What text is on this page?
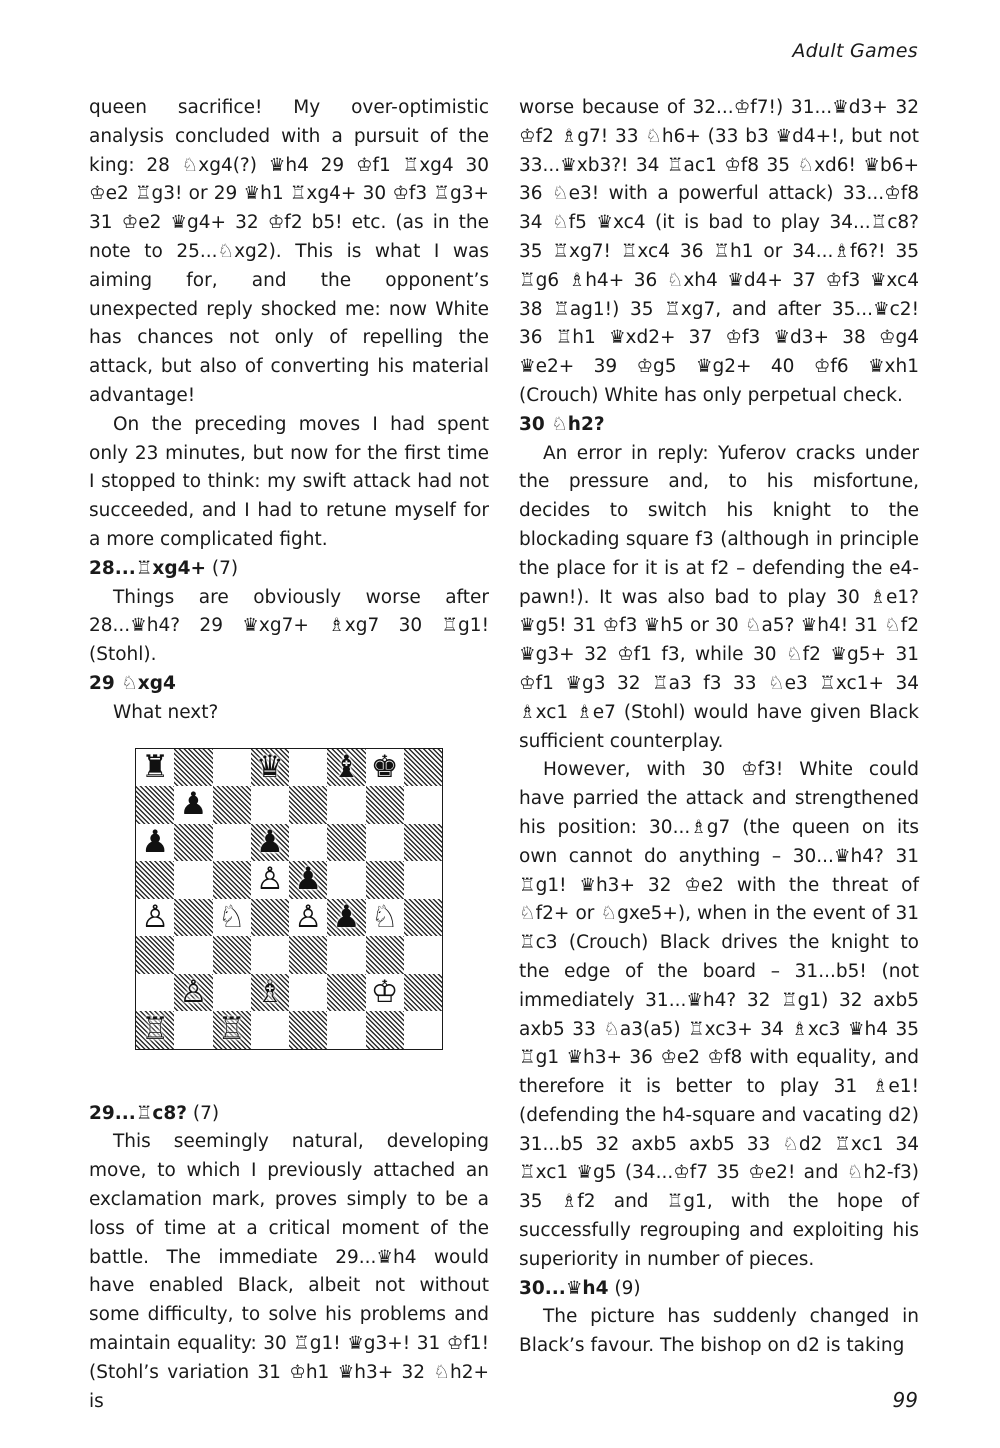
Adult Games

queen sacrifice! My over-optimistic analysis concluded with a pursuit of the king: 28 ♘xg4(?) ♛h4 29 ♔f1 ♖xg4 30 ♔e2 ♖g3! or 29 ♛h1 ♖xg4+ 30 ♔f3 ♖g3+ 31 ♔e2 ♛g4+ 32 ♔f2 b5! etc. (as in the note to 25...♘xg2). This is what I was aiming for, and the opponent’s unexpected reply shocked me: now White has chances not only of repelling the attack, but also of converting his material advantage!

On the preceding moves I had spent only 23 minutes, but now for the first time I stopped to think: my swift attack had not succeeded, and I had to retune myself for a more complicated fight.

28...♖xg4+ (7)

Things are obviously worse after 28...♛h4? 29 ♛xg7+ ♗xg7 30 ♖g1! (Stohl).

29 ♘xg4

What next?

♜	♛ ♝ ♚
♟
♟	♟
♙ ♟
♙ ♘ ♙ ♟ ♘
♙ ♗	♔
♖ ♖

29...♖c8? (7)

This seemingly natural, developing move, to which I previously attached an exclamation mark, proves simply to be a loss of time at a critical moment of the battle. The immediate 29...♛h4 would have enabled Black, albeit not without some difficulty, to solve his problems and maintain equality: 30 ♖g1! ♛g3+! 31 ♔f1! (Stohl’s variation 31 ♔h1 ♛h3+ 32 ♘h2+ is

worse because of 32...♔f7!) 31...♛d3+ 32 ♔f2 ♗g7! 33 ♘h6+ (33 b3 ♛d4+!, but not 33...♛xb3?! 34 ♖ac1 ♔f8 35 ♘xd6! ♛b6+ 36 ♘e3! with a powerful attack) 33...♔f8 34 ♘f5 ♛xc4 (it is bad to play 34...♖c8? 35 ♖xg7! ♖xc4 36 ♖h1 or 34...♗f6?! 35 ♖g6 ♗h4+ 36 ♘xh4 ♛d4+ 37 ♔f3 ♛xc4 38 ♖ag1!) 35 ♖xg7, and after 35...♛c2! 36 ♖h1 ♛xd2+ 37 ♔f3 ♛d3+ 38 ♔g4 ♛e2+ 39 ♔g5 ♛g2+ 40 ♔f6 ♛xh1 (Crouch) White has only perpetual check.

30 ♘h2?

An error in reply: Yuferov cracks under the pressure and, to his misfortune, decides to switch his knight to the blockading square f3 (although in principle the place for it is at f2 – defending the e4-pawn!). It was also bad to play 30 ♗e1? ♛g5! 31 ♔f3 ♛h5 or 30 ♘a5? ♛h4! 31 ♘f2 ♛g3+ 32 ♔f1 f3, while 30 ♘f2 ♛g5+ 31 ♔f1 ♛g3 32 ♖a3 f3 33 ♘e3 ♖xc1+ 34 ♗xc1 ♗e7 (Stohl) would have given Black sufficient counterplay.

However, with 30 ♔f3! White could have parried the attack and strengthened his position: 30...♗g7 (the queen on its own cannot do anything – 30...♛h4? 31 ♖g1! ♛h3+ 32 ♔e2 with the threat of ♘f2+ or ♘gxe5+), when in the event of 31 ♖c3 (Crouch) Black drives the knight to the edge of the board – 31...b5! (not immediately 31...♛h4? 32 ♖g1) 32 axb5 axb5 33 ♘a3(a5) ♖xc3+ 34 ♗xc3 ♛h4 35 ♖g1 ♛h3+ 36 ♔e2 ♔f8 with equality, and therefore it is better to play 31 ♗e1! (defending the h4-square and vacating d2) 31...b5 32 axb5 axb5 33 ♘d2 ♖xc1 34 ♖xc1 ♛g5 (34...♔f7 35 ♔e2! and ♘h2-f3) 35 ♗f2 and ♖g1, with the hope of successfully regrouping and exploiting his superiority in number of pieces.

30...♛h4 (9)

The picture has suddenly changed in Black’s favour. The bishop on d2 is taking

99
